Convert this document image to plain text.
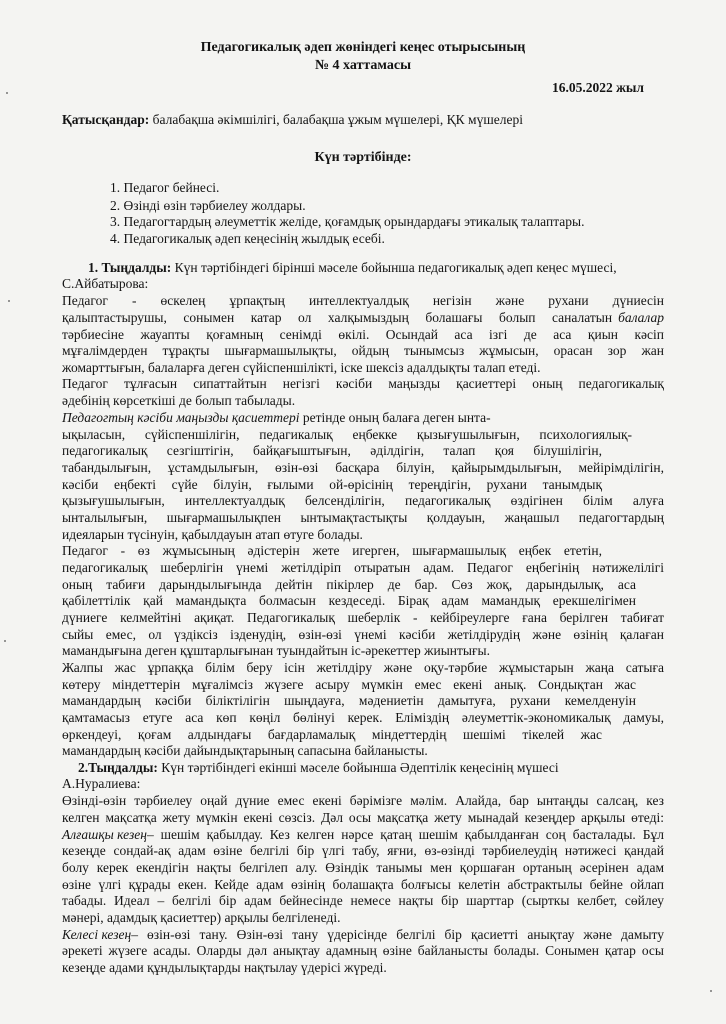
Педагогикалық әдеп жөніндегі кеңес отырысының
№ 4 хаттамасы
16.05.2022 жыл
Қатысқандар: балабақша әкімшілігі, балабақша ұжым мүшелері, ҚК мүшелері
Күн тәртібінде:
1. Педагог бейнесі.
2. Өзінді өзін тәрбиелеу жолдары.
3. Педагогтардың әлеуметтік желіде, қоғамдық орындардағы этикалық талаптары.
4. Педагогикалық әдеп кеңесінің жылдық есебі.
1. Тыңдалды: Күн тәртібіндегі бірінші мәселе бойынша педагогикалық әдеп кеңес мүшесі,
С.Айбатырова:
Педагог - өскелең ұрпақтың интеллектуалдық негізін және рухани дүниесін
қалыптастырушы, сонымен катар ол халқымыздың болашағы болып саналатын балалар
тәрбиесіне жауапты қоғамның сенімді өкілі. Осындай аса ізгі де аса қиын кәсіп
мұғалімдерден тұрақты шығармашылықты, ойдың тынымсыз жұмысын, орасан зор жан
жомарттығын, балаларға деген сүйіспеншілікті, іске шексіз адалдықты талап етеді.
Педагог тұлғасын сипаттайтын негізгі кәсіби маңызды қасиеттері оның педагогикалық
әдебінің көрсеткіші де болып табылады.
Педагогтың кәсіби маңызды қасиеттері ретінде оның балаға деген ынта-
ықыласын, сүйіспеншілігін, педагикалық еңбекке қызығушылығын, психологиялық-
педагогикалық сезгіштігін, байқағыштығын, әділдігін, талап қоя білушілігін,
табандылығын, ұстамдылығын, өзін-өзі басқара білуін, қайырымдылығын, мейірімділігін,
кәсіби еңбекті сүйе білуін, ғылыми ой-өрісінің тереңдігін, рухани танымдық
қызығушылығын, интеллектуалдық белсенділігін, педагогикалық өздігінен білім алуға
ынталылығын, шығармашылықпен ынтымақтастықты қолдауын, жаңашыл педагогтардың
идеяларын түсінуін, қабылдауын атап өтуге болады.
Педагог - өз жұмысының әдістерін жете игерген, шығармашылық еңбек ететін,
педагогикалық шеберлігін үнемі жетілдіріп отыратын адам. Педагог еңбегінің нәтижелілігі
оның табиғи дарындылығында дейтін пікірлер де бар. Сөз жоқ, дарындылық, аса
қабілеттілік қай мамандықта болмасын кездеседі. Бірақ адам мамандық ерекшелігімен
дүниеге келмейтіні ақиқат. Педагогикалық шеберлік - кейбіреулерге ғана берілген табиғат
сыйы емес, ол үздіксіз ізденудің, өзін-өзі үнемі кәсіби жетілдірудің және өзінің қалаған
мамандығына деген құштарлығынан туындайтын іс-әрекеттер жиынтығы.
Жалпы жас ұрпаққа білім беру ісін жетілдіру және оқу-тәрбие жұмыстарын жаңа сатыға
көтеру міндеттерін мұғалімсіз жүзеге асыру мүмкін емес екені анық. Сондықтан жас
мамандардың кәсіби біліктілігін шыңдауға, мәдениетін дамытуға, рухани кемелденуін
қамтамасыз етуге аса көп көңіл бөлінуі керек. Еліміздің әлеуметтік-экономикалық дамуы,
өркендеуі, қоғам алдындағы бағдарламалық міндеттердің шешімі тікелей жас
мамандардың кәсіби дайындықтарының сапасына байланысты.
2.Тыңдалды: Күн тәртібіндегі екінші мәселе бойынша Әдептілік кеңесінің мүшесі
А.Нуралиева:
Өзінді-өзін тәрбиелеу оңай дүние емес екені бәрімізге мәлім. Алайда, бар ынтаңды салсаң, кез
келген мақсатқа жету мүмкін екені сөзсіз. Дәл осы мақсатқа жету мынадай кезеңдер арқылы өтеді:
Алғашқы кезең – шешім қабылдау. Кез келген нәрсе қатаң шешім қабылданған соң басталады. Бұл
кезеңде сондай-ақ адам өзіне белгілі бір үлгі табу, яғни, өз-өзінді тәрбиелеудің нәтижесі қандай
болу керек екендігін нақты белгілеп алу. Өзіндік танымы мен қоршаған ортаның әсерінен адам
өзіне үлгі құрады екен. Кейде адам өзінің болашақта болғысы келетін абстрактылы бейне ойлап
табады. Идеал – белгілі бір адам бейнесінде немесе нақты бір шарттар (сырткы келбет, сөйлеу
мәнері, адамдық қасиеттер) арқылы белгіленеді.
Келесі кезең – өзін-өзі тану. Өзін-өзі тану үдерісінде белгілі бір қасиетті анықтау және дамыту
әрекеті жүзеге асады. Оларды дәл анықтау адамның өзіне байланысты болады. Сонымен қатар осы
кезеңде адами құндылықтарды нақтылау үдерісі жүреді.
